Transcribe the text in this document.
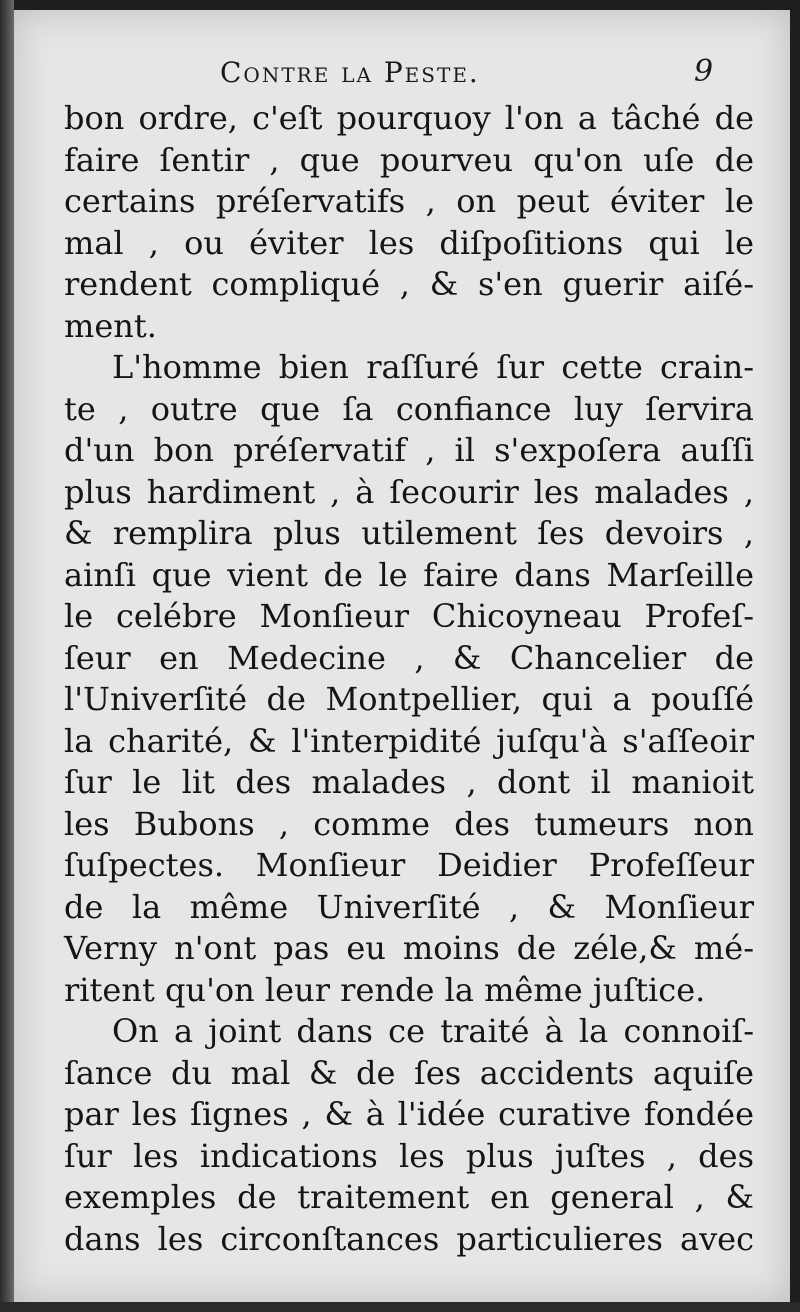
Contre la Peste.	9
bon ordre, c'eſt pourquoy l'on a tâché de
faire ſentir , que pourveu qu'on uſe de
certains préſervatifs , on peut éviter le
mal , ou éviter les diſpoſitions qui le
rendent compliqué , & s'en guerir aiſé-
ment.
L'homme bien raſſuré ſur cette crain-
te , outre que ſa confiance luy ſervira
d'un bon préſervatif , il s'expoſera auſſi
plus hardiment , à ſecourir les malades ,
& remplira plus utilement ſes devoirs ,
ainſi que vient de le faire dans Marſeille
le celébre Monſieur Chicoyneau Profeſ-
ſeur en Medecine , & Chancelier de
l'Univerſité de Montpellier, qui a pouſſé
la charité, & l'interpidité juſqu'à s'aſſeoir
ſur le lit des malades , dont il manioit
les Bubons , comme des tumeurs non
ſuſpectes. Monſieur Deidier Profeſſeur
de la même Univerſité , & Monſieur
Verny n'ont pas eu moins de zéle,& mé-
ritent qu'on leur rende la même juſtice.
On a joint dans ce traité à la connoiſ-
ſance du mal & de ſes accidents aquiſe
par les ſignes , & à l'idée curative fondée
ſur les indications les plus juſtes , des
exemples de traitement en general , &
dans les circonſtances particulieres avec
